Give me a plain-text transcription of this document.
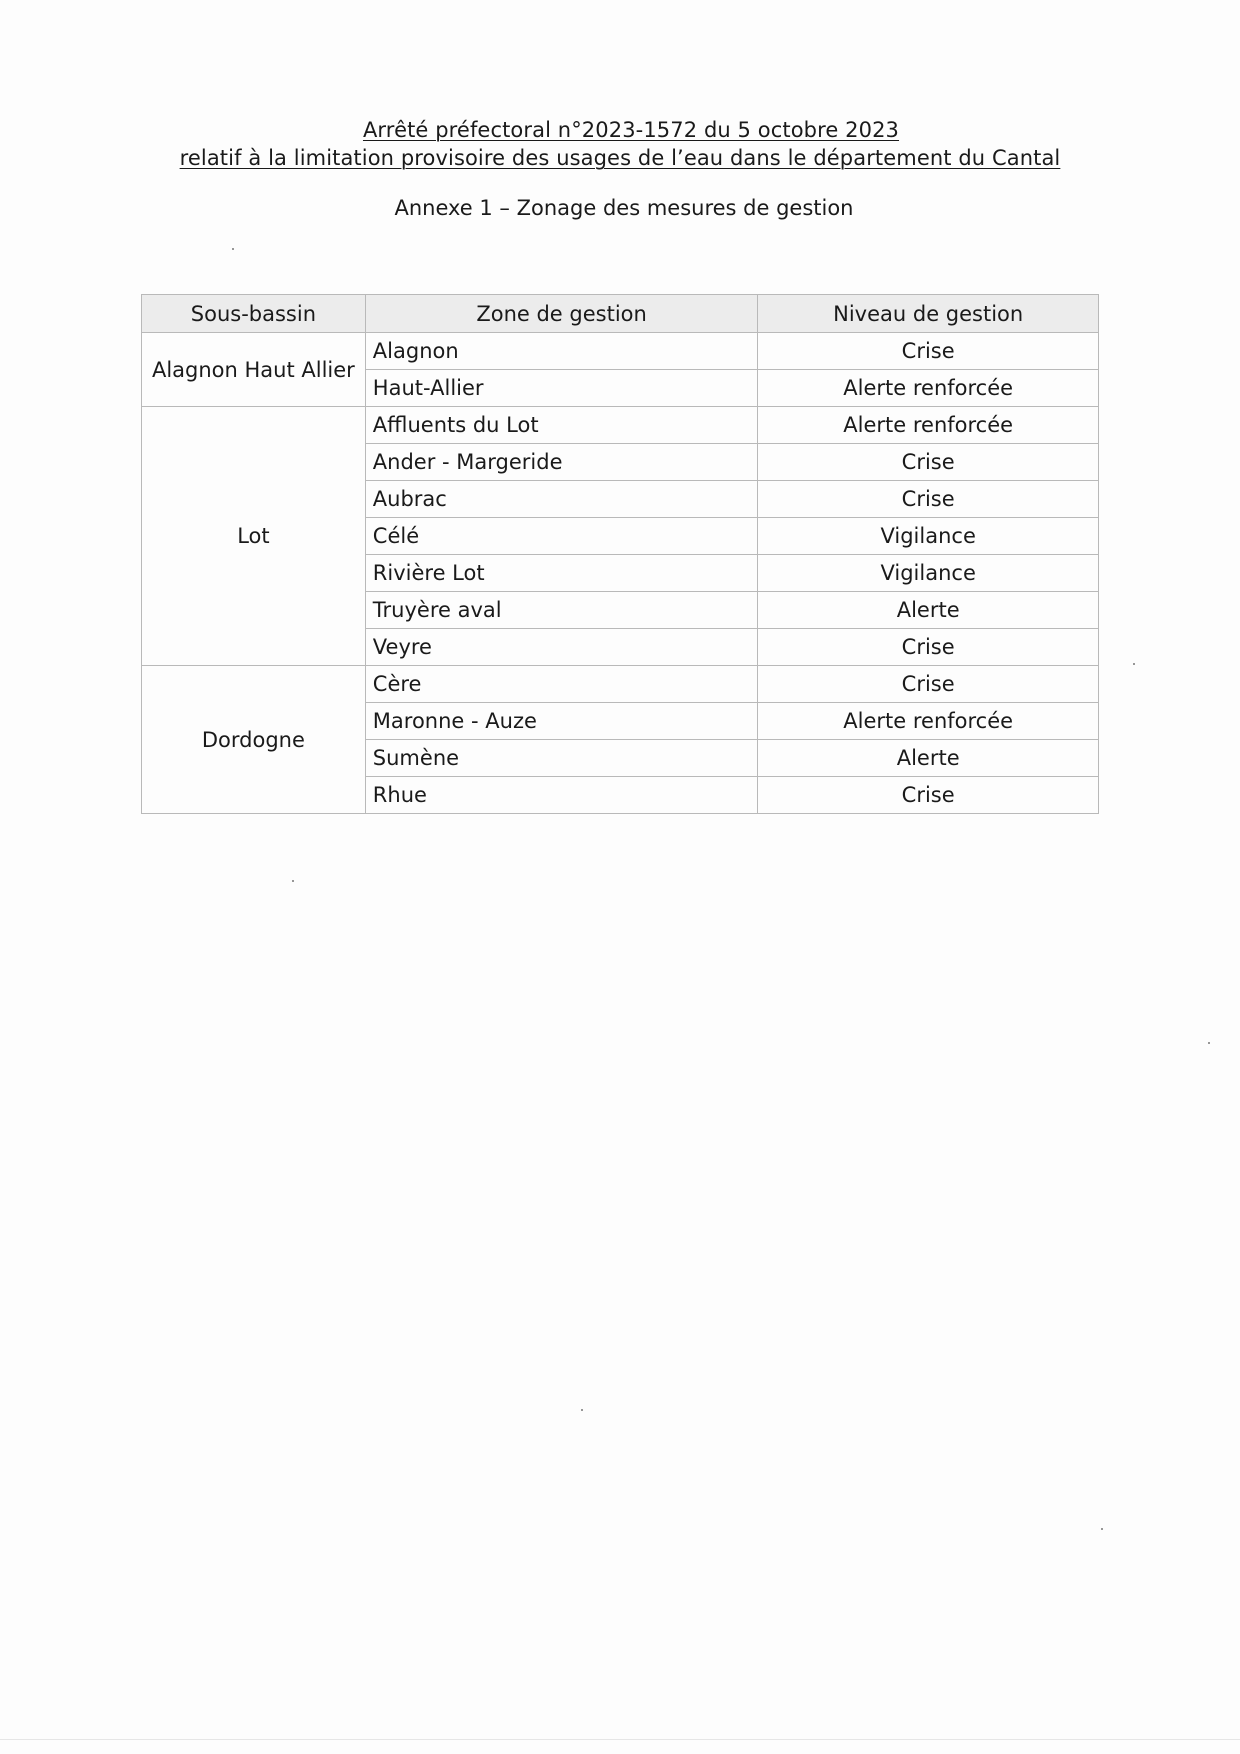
Arrêté préfectoral n°2023-1572 du 5 octobre 2023
relatif à la limitation provisoire des usages de l’eau dans le département du Cantal
Annexe 1 – Zonage des mesures de gestion
Sous-bassin	Zone de gestion	Niveau de gestion
Alagnon Haut Allier	Alagnon	Crise
	Haut-Allier	Alerte renforcée
Lot	Affluents du Lot	Alerte renforcée
	Ander - Margeride	Crise
	Aubrac	Crise
	Célé	Vigilance
	Rivière Lot	Vigilance
	Truyère aval	Alerte
	Veyre	Crise
Dordogne	Cère	Crise
	Maronne - Auze	Alerte renforcée
	Sumène	Alerte
	Rhue	Crise
